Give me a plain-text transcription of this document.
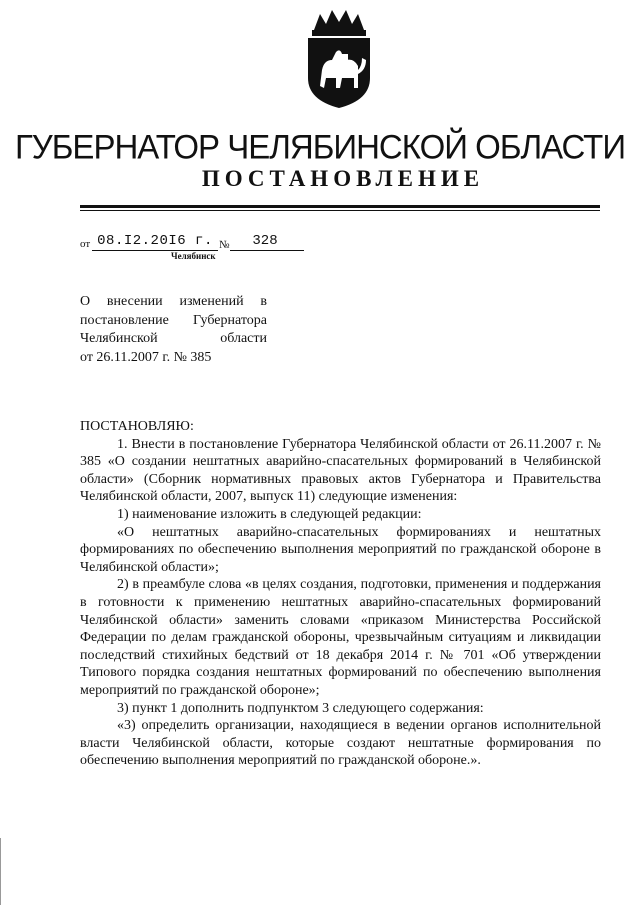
ГУБЕРНАТОР ЧЕЛЯБИНСКОЙ ОБЛАСТИ
ПОСТАНОВЛЕНИЕ
от 08.I2.20I6 г. №	328
Челябинск
О внесении изменений в
постановление Губернатора
Челябинской области
от 26.11.2007 г. № 385

ПОСТАНОВЛЯЮ:

1. Внести в постановление Губернатора Челябинской области от 26.11.2007 г. № 385 «О создании нештатных аварийно-спасательных формирований в Челябинской области» (Сборник нормативных правовых актов Губернатора и Правительства Челябинской области, 2007, выпуск 11) следующие изменения:

1) наименование изложить в следующей редакции:

«О нештатных аварийно-спасательных формированиях и нештатных формированиях по обеспечению выполнения мероприятий по гражданской обороне в Челябинской области»;

2) в преамбуле слова «в целях создания, подготовки, применения и поддержания в готовности к применению нештатных аварийно-спасательных формирований Челябинской области» заменить словами «приказом Министерства Российской Федерации по делам гражданской обороны, чрезвычайным ситуациям и ликвидации последствий стихийных бедствий от 18 декабря 2014 г. № 701 «Об утверждении Типового порядка создания нештатных формирований по обеспечению выполнения мероприятий по гражданской обороне»;

3) пункт 1 дополнить подпунктом 3 следующего содержания:

«3) определить организации, находящиеся в ведении органов исполнительной власти Челябинской области, которые создают нештатные формирования по обеспечению выполнения мероприятий по гражданской обороне.».
